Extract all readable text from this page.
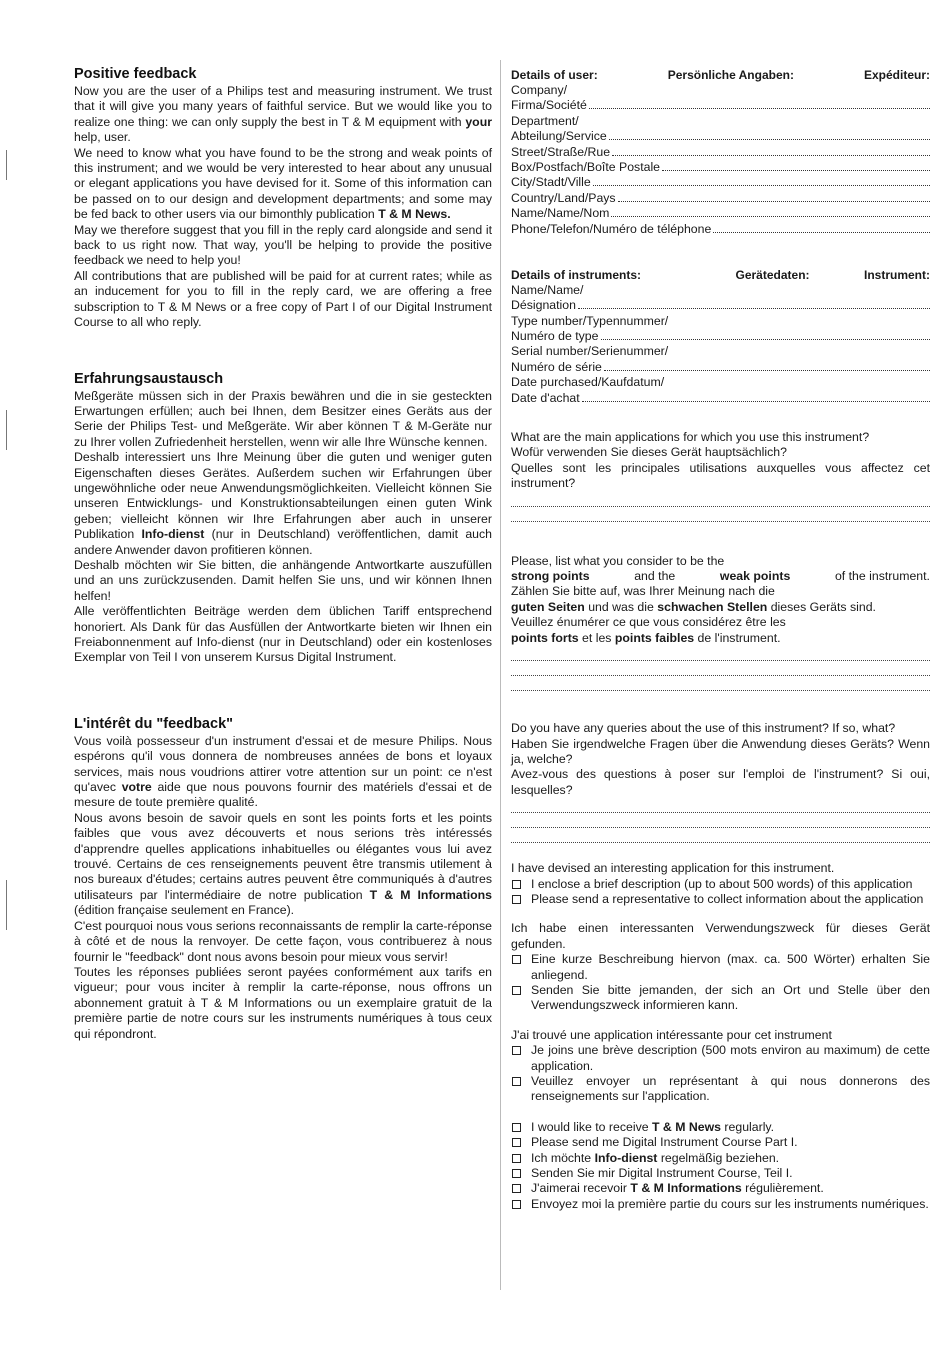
Positive feedback

Now you are the user of a Philips test and measuring instrument. We trust that it will give you many years of faithful service. But we would like you to realize one thing: we can only supply the best in T & M equipment with your help, user.

We need to know what you have found to be the strong and weak points of this instrument; and we would be very interested to hear about any unusual or elegant applications you have devised for it. Some of this information can be passed on to our design and development departments; and some may be fed back to other users via our bimonthly publication T & M News.

May we therefore suggest that you fill in the reply card alongside and send it back to us right now. That way, you'll be helping to provide the positive feedback we need to help you!

All contributions that are published will be paid for at current rates; while as an inducement for you to fill in the reply card, we are offering a free subscription to T & M News or a free copy of Part I of our Digital Instrument Course to all who reply.

Erfahrungsaustausch

Meßgeräte müssen sich in der Praxis bewähren und die in sie gesteckten Erwartungen erfüllen; auch bei Ihnen, dem Besitzer eines Geräts aus der Serie der Philips Test- und Meßgeräte. Wir aber können T & M-Geräte nur zu Ihrer vollen Zufriedenheit herstellen, wenn wir alle Ihre Wünsche kennen.

Deshalb interessiert uns Ihre Meinung über die guten und weniger guten Eigenschaften dieses Gerätes. Außerdem suchen wir Erfahrungen über ungewöhnliche oder neue Anwendungsmöglichkeiten. Vielleicht können Sie unseren Entwicklungs- und Konstruktionsabteilungen einen guten Wink geben; vielleicht können wir Ihre Erfahrungen aber auch in unserer Publikation Info-dienst (nur in Deutschland) veröffentlichen, damit auch andere Anwender davon profitieren können.

Deshalb möchten wir Sie bitten, die anhängende Antwortkarte auszufüllen und an uns zurückzusenden. Damit helfen Sie uns, und wir können Ihnen helfen!

Alle veröffentlichten Beiträge werden dem üblichen Tariff entsprechend honoriert. Als Dank für das Ausfüllen der Antwortkarte bieten wir Ihnen ein Freiabonnenment auf Info-dienst (nur in Deutschland) oder ein kostenloses Exemplar von Teil I von unserem Kursus Digital Instrument.

L'intérêt du "feedback"

Vous voilà possesseur d'un instrument d'essai et de mesure Philips. Nous espérons qu'il vous donnera de nombreuses années de bons et loyaux services, mais nous voudrions attirer votre attention sur un point: ce n'est qu'avec votre aide que nous pouvons fournir des matériels d'essai et de mesure de toute première qualité.

Nous avons besoin de savoir quels en sont les points forts et les points faibles que vous avez découverts et nous serions très intéressés d'apprendre quelles applications inhabituelles ou élégantes vous lui avez trouvé. Certains de ces renseignements peuvent être transmis utilement à nos bureaux d'études; certains autres peuvent être communiqués à d'autres utilisateurs par l'intermédiaire de notre publication T & M Informations (édition française seulement en France).

C'est pourquoi nous vous serions reconnaissants de remplir la carte-réponse à côté et de nous la renvoyer. De cette façon, vous contribuerez à nous fournir le "feedback" dont nous avons besoin pour mieux vous servir!

Toutes les réponses publiées seront payées conformément aux tarifs en vigueur; pour vous inciter à remplir la carte-réponse, nous offrons un abonnement gratuit à T & M Informations ou un exemplaire gratuit de la première partie de notre cours sur les instruments numériques à tous ceux qui répondront.

Details of user:	Persönliche Angaben:	Expéditeur:
Company/
Firma/Société
Department/
Abteilung/Service
Street/Straße/Rue
Box/Postfach/Boîte Postale
City/Stadt/Ville
Country/Land/Pays
Name/Name/Nom
Phone/Telefon/Numéro de téléphone
Details of instruments:	Gerätedaten:	Instrument:
Name/Name/
Désignation
Type number/Typennummer/
Numéro de type
Serial number/Serienummer/
Numéro de série
Date purchased/Kaufdatum/
Date d'achat

What are the main applications for which you use this instrument?

Wofür verwenden Sie dieses Gerät hauptsächlich?

Quelles sont les principales utilisations auxquelles vous affectez cet instrument?

Please, list what you consider to be the

strong points	and the	weak points	of the instrument.

Zählen Sie bitte auf, was Ihrer Meinung nach die

guten Seiten und was die schwachen Stellen dieses Geräts sind.

Veuillez énumérer ce que vous considérez être les

points forts et les points faibles de l'instrument.

Do you have any queries about the use of this instrument? If so, what?

Haben Sie irgendwelche Fragen über die Anwendung dieses Geräts? Wenn ja, welche?

Avez-vous des questions à poser sur l'emploi de l'instrument? Si oui, lesquelles?

I have devised an interesting application for this instrument.

I enclose a brief description (up to about 500 words) of this application
Please send a representative to collect information about the application

Ich habe einen interessanten Verwendungszweck für dieses Gerät gefunden.

Eine kurze Beschreibung hiervon (max. ca. 500 Wörter) erhalten Sie anliegend.
Senden Sie bitte jemanden, der sich an Ort und Stelle über den Verwendungszweck informieren kann.

J'ai trouvé une application intéressante pour cet instrument

Je joins une brève description (500 mots environ au maximum) de cette application.
Veuillez envoyer un représentant à qui nous donnerons des renseignements sur l'application.
I would like to receive T & M News regularly.
Please send me Digital Instrument Course Part I.
Ich möchte Info-dienst regelmäßig beziehen.
Senden Sie mir Digital Instrument Course, Teil I.
J'aimerai recevoir T & M Informations régulièrement.
Envoyez moi la première partie du cours sur les instruments numériques.
